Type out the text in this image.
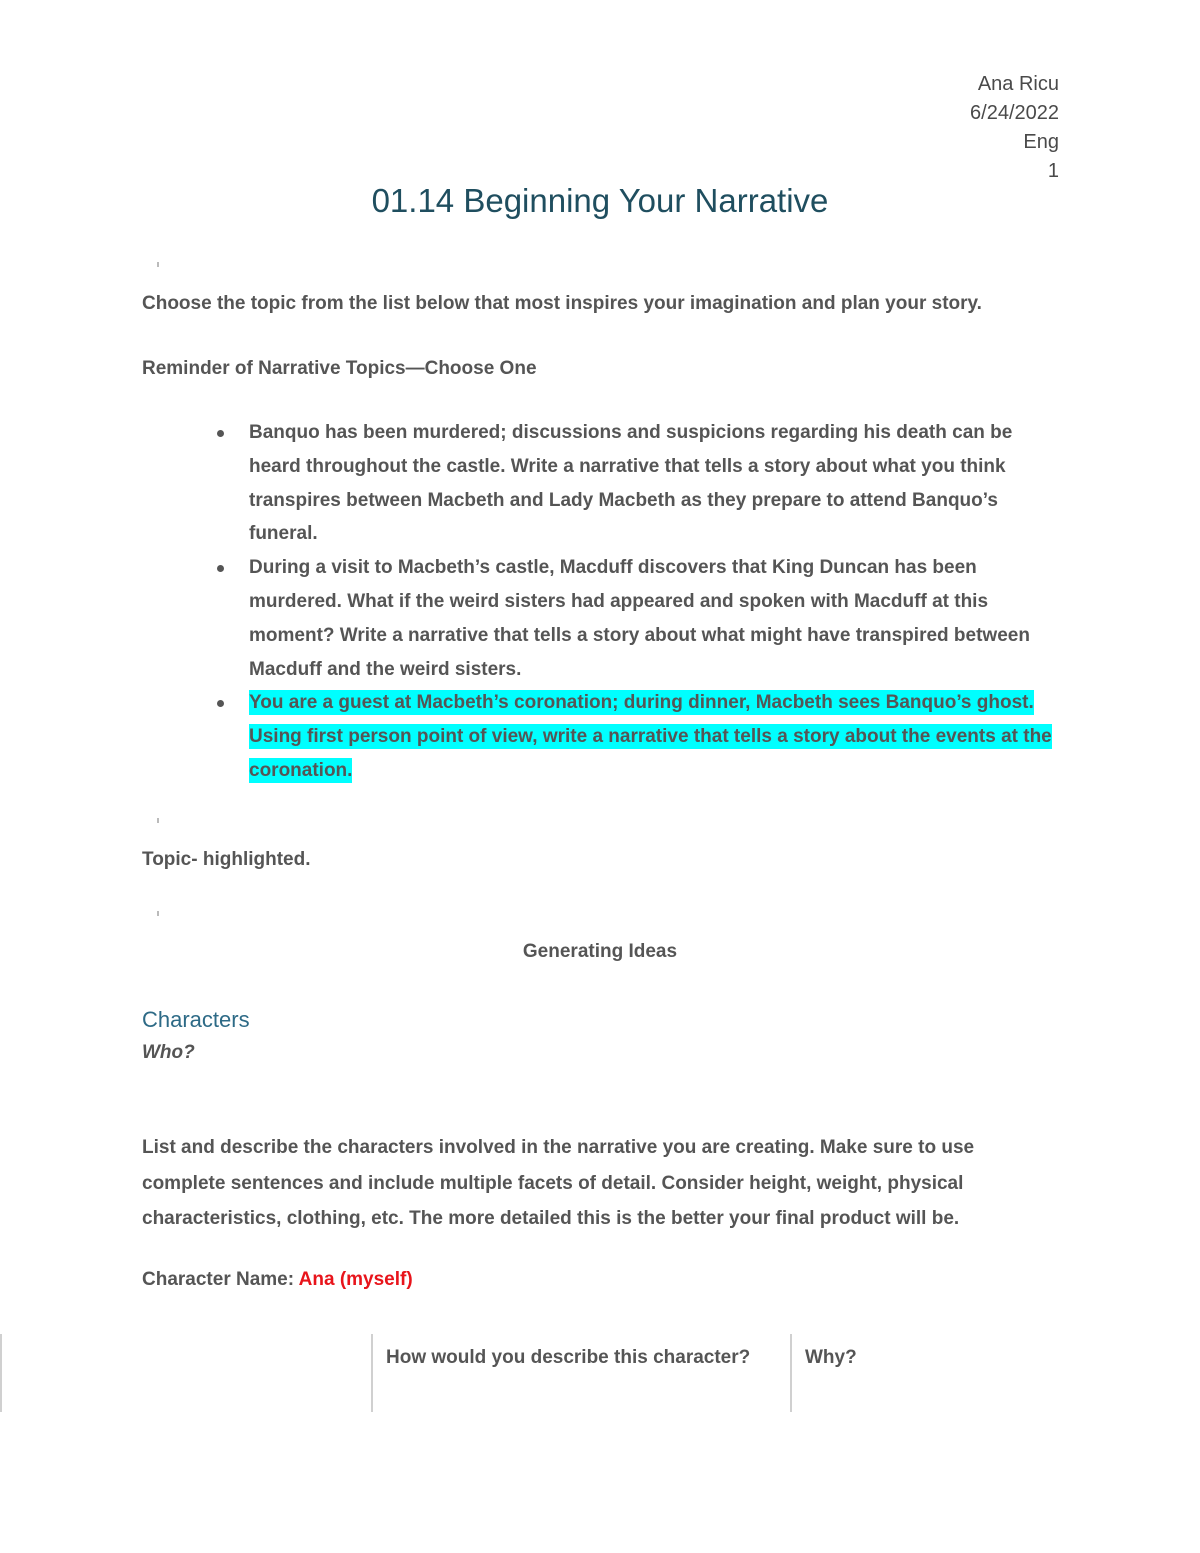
Ana Ricu
6/24/2022
Eng
1
01.14 Beginning Your Narrative

Choose the topic from the list below that most inspires your imagination and plan your story.

Reminder of Narrative Topics—Choose One

Banquo has been murdered; discussions and suspicions regarding his death can be heard throughout the castle. Write a narrative that tells a story about what you think transpires between Macbeth and Lady Macbeth as they prepare to attend Banquo’s funeral.
During a visit to Macbeth’s castle, Macduff discovers that King Duncan has been murdered. What if the weird sisters had appeared and spoken with Macduff at this moment? Write a narrative that tells a story about what might have transpired between Macduff and the weird sisters.
You are a guest at Macbeth’s coronation; during dinner, Macbeth sees Banquo’s ghost. Using first person point of view, write a narrative that tells a story about the events at the coronation.

Topic- highlighted.

Generating Ideas
Characters

Who?

List and describe the characters involved in the narrative you are creating. Make sure to use complete sentences and include multiple facets of detail. Consider height, weight, physical characteristics, clothing, etc. The more detailed this is the better your final product will be.

Character Name: Ana (myself)

How would you describe this character?	Why?
